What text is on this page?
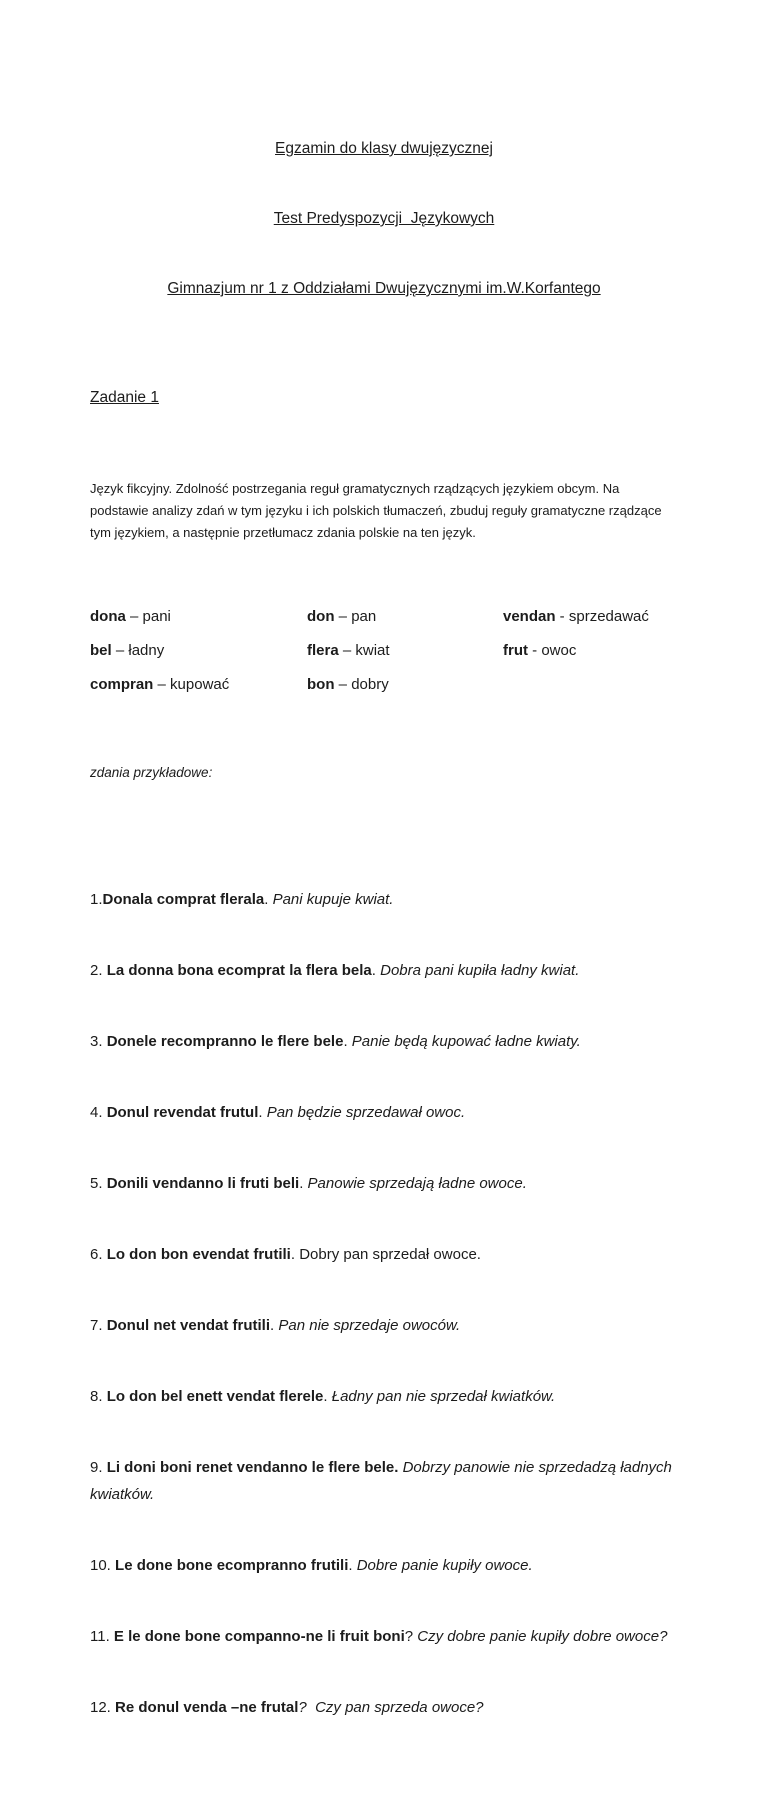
Egzamin do klasy dwujęzycznej

Test Predyspozycji  Językowych

Gimnazjum nr 1 z Oddziałami Dwujęzycznymi im.W.Korfantego

Zadanie 1

Język fikcyjny. Zdolność postrzegania reguł gramatycznych rządzących językiem obcym. Na podstawie analizy zdań w tym języku i ich polskich tłumaczeń, zbuduj reguły gramatyczne rządzące tym językiem, a następnie przetłumacz zdania polskie na ten język.

dona – pani	don – pan	vendan - sprzedawać
bel – ładny	flera – kwiat	frut - owoc
compran – kupować	bon – dobry

zdania przykładowe:

1.Donala comprat flerala. Pani kupuje kwiat.

2. La donna bona ecomprat la flera bela. Dobra pani kupiła ładny kwiat.

3. Donele recompranno le flere bele. Panie będą kupować ładne kwiaty.

4. Donul revendat frutul. Pan będzie sprzedawał owoc.

5. Donili vendanno li fruti beli. Panowie sprzedają ładne owoce.

6. Lo don bon evendat frutili. Dobry pan sprzedał owoce.

7. Donul net vendat frutili. Pan nie sprzedaje owoców.

8. Lo don bel enett vendat flerele. Ładny pan nie sprzedał kwiatków.

9. Li doni boni renet vendanno le flere bele. Dobrzy panowie nie sprzedadzą ładnych kwiatków.

10. Le done bone ecompranno frutili. Dobre panie kupiły owoce.

11. E le done bone companno-ne li fruit boni? Czy dobre panie kupiły dobre owoce?

12. Re donul venda –ne frutal?  Czy pan sprzeda owoce?
